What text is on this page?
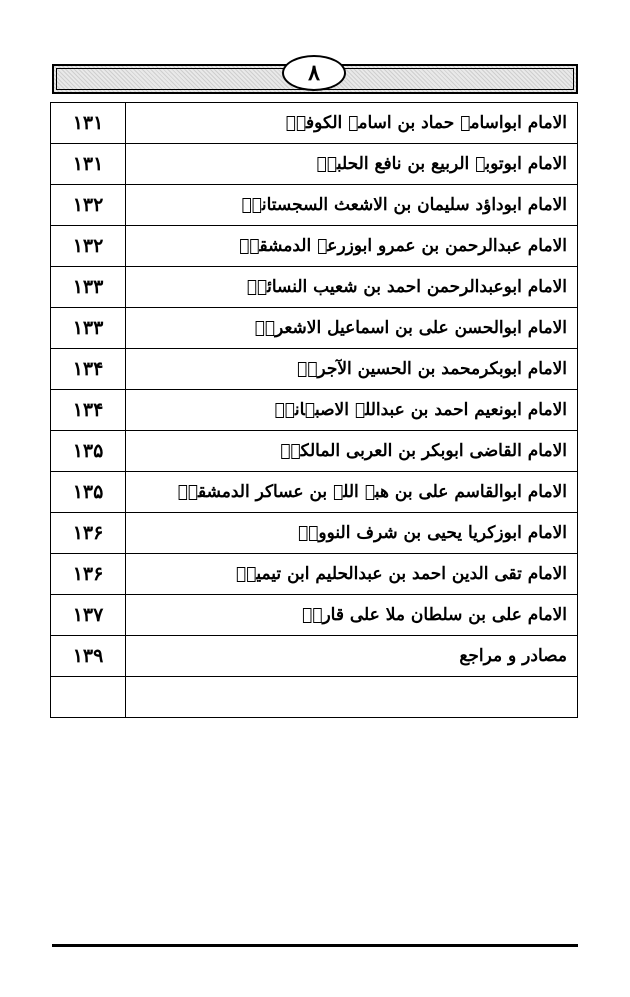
۸
۱۳۱	الامام ابواسامۃ حماد بن اسامۃ الکوفیؒ
۱۳۱	الامام ابوتوبۃ الربیع بن نافع الحلبیؒ
۱۳۲	الامام ابوداؤد سلیمان بن الاشعث السجستانیؒ
۱۳۲	الامام عبدالرحمن بن عمرو ابوزرعۃ الدمشقیؒ
۱۳۳	الامام ابوعبدالرحمن احمد بن شعیب النسائیؒ
۱۳۳	الامام ابوالحسن علی بن اسماعیل الاشعریؒ
۱۳۴	الامام ابوبکرمحمد بن الحسین الآجریؒ
۱۳۴	الامام ابونعیم احمد بن عبداللہ الاصبہانیؒ
۱۳۵	الامام القاضی ابوبکر بن العربی المالکیؒ
۱۳۵	الامام ابوالقاسم علی بن ھبۃ اللہ بن عساکر الدمشقیؒ
۱۳۶	الامام ابوزکریا یحیی بن شرف النوویؒ
۱۳۶	الامام تقی الدین احمد بن عبدالحلیم ابن تیمیہؒ
۱۳۷	الامام علی بن سلطان ملا علی قاریؒ
۱۳۹	مصادر و مراجع
